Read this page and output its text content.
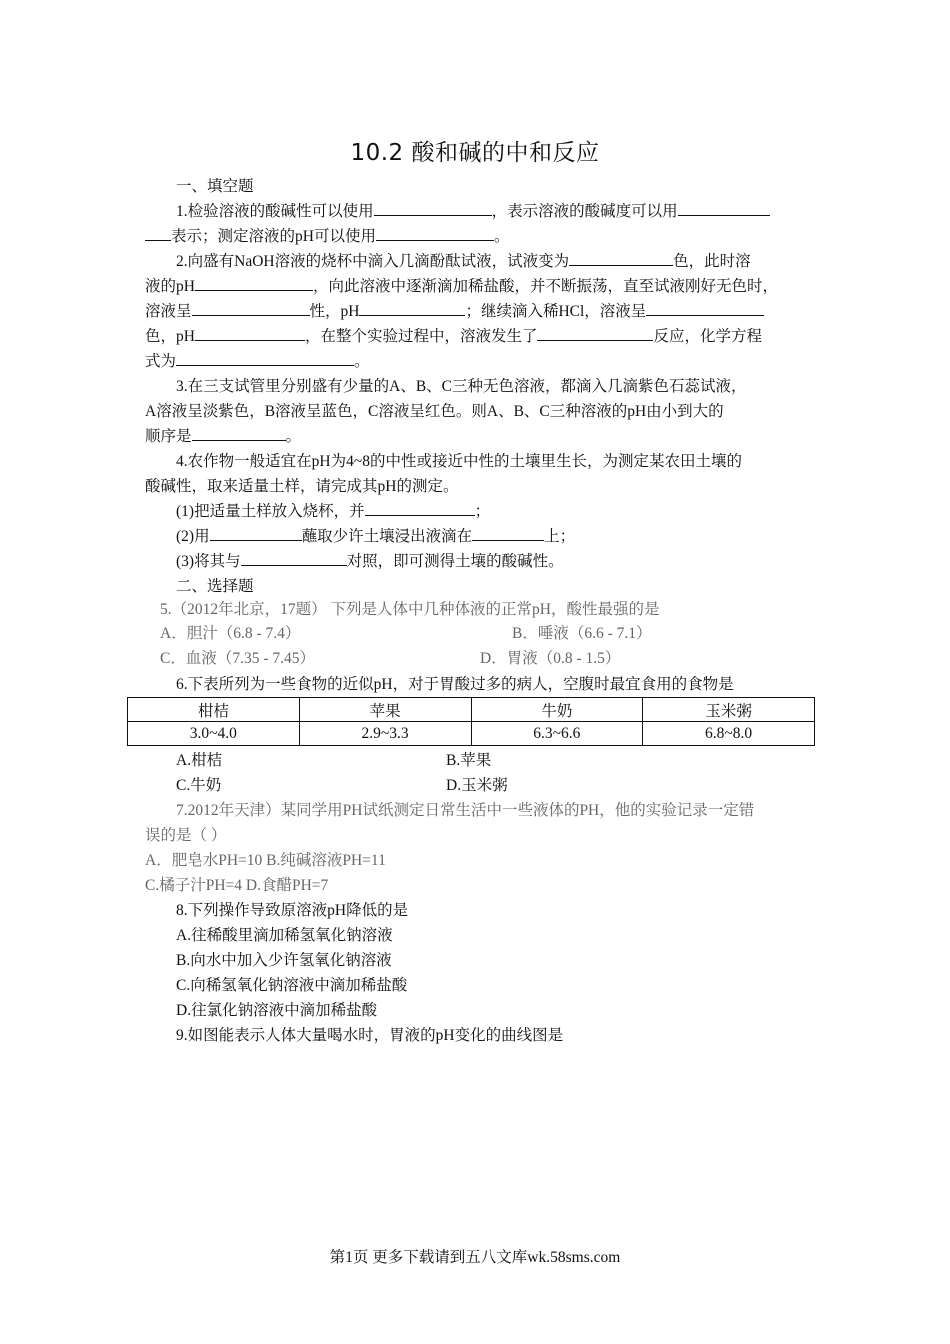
10.2 酸和碱的中和反应
一、填空题
1.检验溶液的酸碱性可以使用	，表示溶液的酸碱度可以用
表示；测定溶液的pH可以使用	。
2.向盛有NaOH溶液的烧杯中滴入几滴酚酞试液，试液变为	色，此时溶
液的pH	，向此溶液中逐渐滴加稀盐酸，并不断振荡，直至试液刚好无色时，
溶液呈	性，pH	；继续滴入稀HCl，溶液呈
色，pH	，在整个实验过程中，溶液发生了	反应，化学方程
式为	。
3.在三支试管里分别盛有少量的A、B、C三种无色溶液，都滴入几滴紫色石蕊试液，
A溶液呈淡紫色，B溶液呈蓝色，C溶液呈红色。则A、B、C三种溶液的pH由小到大的
顺序是	。
4.农作物一般适宜在pH为4~8的中性或接近中性的土壤里生长，为测定某农田土壤的
酸碱性，取来适量土样，请完成其pH的测定。
(1)把适量土样放入烧杯，并	；
(2)用	蘸取少许土壤浸出液滴在	上；
(3)将其与	对照，即可测得土壤的酸碱性。
二、选择题
5.（2012年北京，17题） 下列是人体中几种体液的正常pH，酸性最强的是
A．胆汁（6.8 - 7.4）	B．唾液（6.6 - 7.1）
C．血液（7.35 - 7.45）	D．胃液（0.8 - 1.5）
6.下表所列为一些食物的近似pH，对于胃酸过多的病人，空腹时最宜食用的食物是
柑桔	苹果	牛奶	玉米粥
3.0~4.0	2.9~3.3	6.3~6.6	6.8~8.0
A.柑桔	B.苹果
C.牛奶	D.玉米粥
7.2012年天津）某同学用PH试纸测定日常生活中一些液体的PH，他的实验记录一定错
误的是（ ）
A．肥皂水PH=10 B.纯碱溶液PH=11
C.橘子汁PH=4 D.食醋PH=7
8.下列操作导致原溶液pH降低的是
A.往稀酸里滴加稀氢氧化钠溶液
B.向水中加入少许氢氧化钠溶液
C.向稀氢氧化钠溶液中滴加稀盐酸
D.往氯化钠溶液中滴加稀盐酸
9.如图能表示人体大量喝水时，胃液的pH变化的曲线图是
第1页 更多下载请到五八文库wk.58sms.com
